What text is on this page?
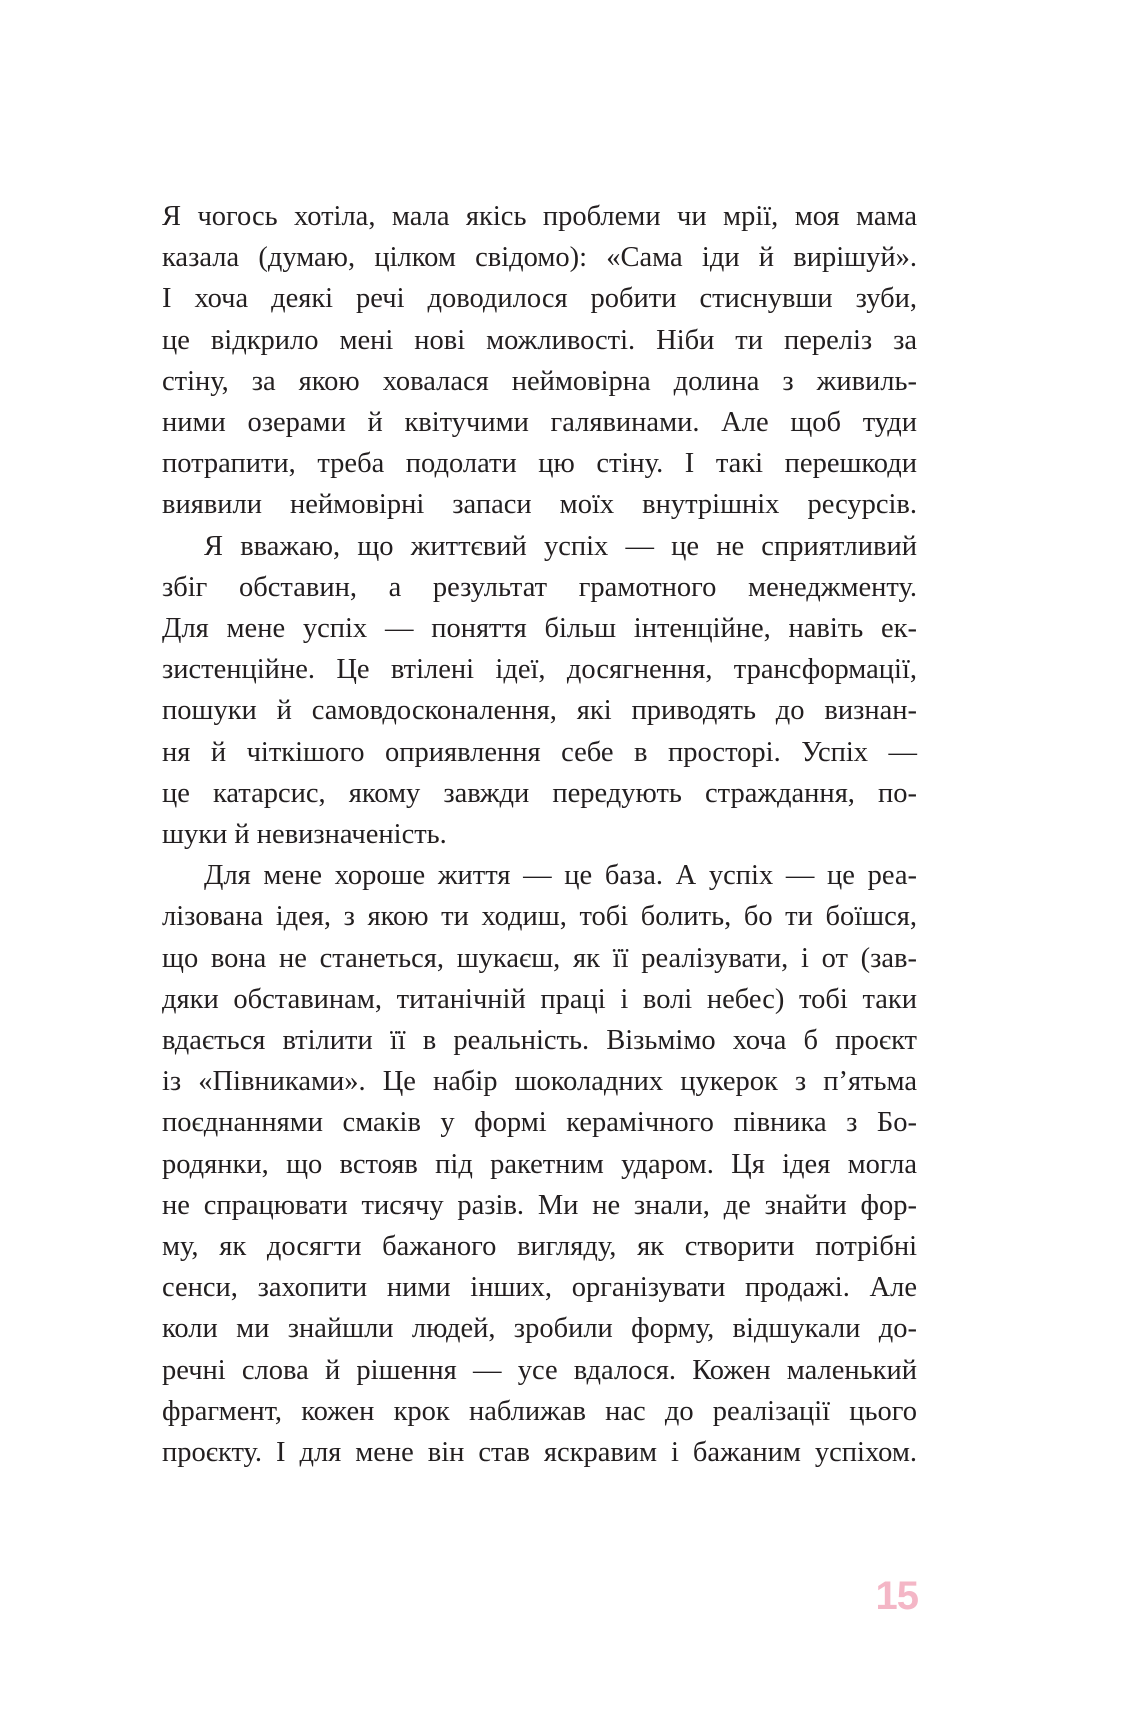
Я чогось хотіла, мала якісь проблеми чи мрії, моя мама
казала (думаю, цілком свідомо): «Сама іди й вирішуй».
І хоча деякі речі доводилося робити стиснувши зуби,
це відкрило мені нові можливості. Ніби ти переліз за
стіну, за якою ховалася неймовірна долина з живиль-
ними озерами й квітучими галявинами. Але щоб туди
потрапити, треба подолати цю стіну. І такі перешкоди
виявили неймовірні запаси моїх внутрішніх ресурсів.

Я вважаю, що життєвий успіх — це не сприятливий
збіг обставин, а результат грамотного менеджменту.
Для мене успіх — поняття більш інтенційне, навіть ек-
зистенційне. Це втілені ідеї, досягнення, трансформації,
пошуки й самовдосконалення, які приводять до визнан-
ня й чіткішого оприявлення себе в просторі. Успіх —
це катарсис, якому завжди передують страждання, по-
шуки й невизначеність.

Для мене хороше життя — це база. А успіх — це реа-
лізована ідея, з якою ти ходиш, тобі болить, бо ти боїшся,
що вона не станеться, шукаєш, як її реалізувати, і от (зав-
дяки обставинам, титанічній праці і волі небес) тобі таки
вдається втілити її в реальність. Візьмімо хоча б проєкт
із «Півниками». Це набір шоколадних цукерок з п’ятьма
поєднаннями смаків у формі керамічного півника з Бо-
родянки, що встояв під ракетним ударом. Ця ідея могла
не спрацювати тисячу разів. Ми не знали, де знайти фор-
му, як досягти бажаного вигляду, як створити потрібні
сенси, захопити ними інших, організувати продажі. Але
коли ми знайшли людей, зробили форму, відшукали до-
речні слова й рішення — усе вдалося. Кожен маленький
фрагмент, кожен крок наближав нас до реалізації цього
проєкту. І для мене він став яскравим і бажаним успіхом.

15
